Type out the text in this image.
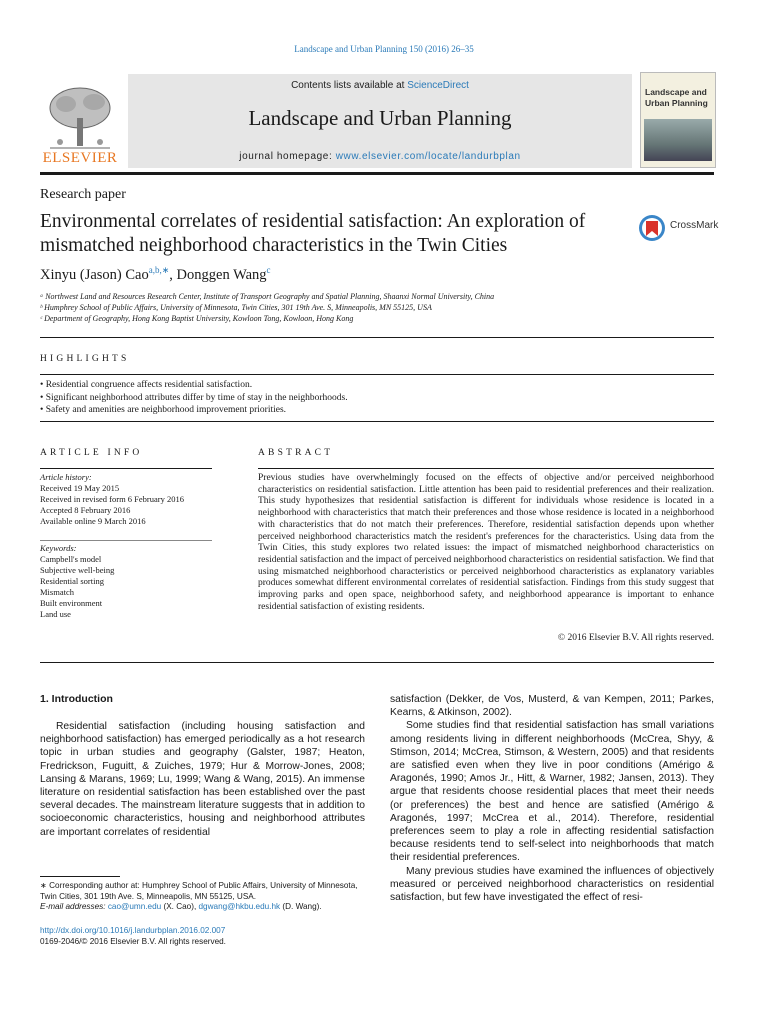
Landscape and Urban Planning 150 (2016) 26–35
ELSEVIER
Contents lists available at ScienceDirect
Landscape and Urban Planning
journal homepage: www.elsevier.com/locate/landurbplan
Landscape and Urban Planning
Research paper
Environmental correlates of residential satisfaction: An exploration of mismatched neighborhood characteristics in the Twin Cities
CrossMark
Xinyu (Jason) Cao$^{a,b,∗}$, Donggen Wang$^c$
ᵃ Northwest Land and Resources Research Center, Institute of Transport Geography and Spatial Planning, Shaanxi Normal University, China
ᵇ Humphrey School of Public Affairs, University of Minnesota, Twin Cities, 301 19th Ave. S, Minneapolis, MN 55125, USA
ᶜ Department of Geography, Hong Kong Baptist University, Kowloon Tong, Kowloon, Hong Kong
HIGHLIGHTS
• Residential congruence affects residential satisfaction.
• Significant neighborhood attributes differ by time of stay in the neighborhoods.
• Safety and amenities are neighborhood improvement priorities.
ARTICLE INFO	ABSTRACT
Article history:
Received 19 May 2015
Received in revised form 6 February 2016
Accepted 8 February 2016
Available online 9 March 2016
Keywords:
Campbell's model
Subjective well-being
Residential sorting
Mismatch
Built environment
Land use
Previous studies have overwhelmingly focused on the effects of objective and/or perceived neighborhood characteristics on residential satisfaction. Little attention has been paid to residential preferences and their realization. This study hypothesizes that residential satisfaction is different for individuals whose residence is located in a neighborhood with characteristics that match their preferences and those whose residence is located in a neighborhood with characteristics that do not match their preferences. Therefore, residential satisfaction depends upon whether perceived neighborhood characteristics match the resident's preferences for the characteristics. Using data from the Twin Cities, this study explores two related issues: the impact of mismatched neighborhood characteristics on residential satisfaction and the impact of perceived neighborhood characteristics on residential satisfaction. We find that using mismatched neighborhood characteristics or perceived neighborhood characteristics as explanatory variables produces somewhat different environmental correlates of residential satisfaction. Findings from this study suggest that improving parks and open space, neighborhood safety, and neighborhood appearance is important to enhance residential satisfaction of existing residents.
© 2016 Elsevier B.V. All rights reserved.
1. Introduction

Residential satisfaction (including housing satisfaction and neighborhood satisfaction) has emerged periodically as a hot research topic in urban studies and geography (Galster, 1987; Heaton, Fredrickson, Fuguitt, & Zuiches, 1979; Hur & Morrow-Jones, 2008; Lansing & Marans, 1969; Lu, 1999; Wang & Wang, 2015). An immense literature on residential satisfaction has been established over the past several decades. The mainstream literature suggests that in addition to socioeconomic characteristics, housing and neighborhood attributes are important correlates of residential

satisfaction (Dekker, de Vos, Musterd, & van Kempen, 2011; Parkes, Kearns, & Atkinson, 2002).

Some studies find that residential satisfaction has small variations among residents living in different neighborhoods (McCrea, Shyy, & Stimson, 2014; McCrea, Stimson, & Western, 2005) and that residents are satisfied even when they live in poor conditions (Amérigo & Aragonés, 1990; Amos Jr., Hitt, & Warner, 1982; Jansen, 2013). They argue that residents choose residential places that meet their needs (or preferences) the best and hence are satisfied (Amérigo & Aragonés, 1997; McCrea et al., 2014). Therefore, residential preferences seem to play a role in affecting residential satisfaction because residents tend to self-select into neighborhoods that match their residential preferences.

Many previous studies have examined the influences of objectively measured or perceived neighborhood characteristics on residential satisfaction, but few have investigated the effect of resi-

∗ Corresponding author at: Humphrey School of Public Affairs, University of Minnesota, Twin Cities, 301 19th Ave. S, Minneapolis, MN 55125, USA.
E-mail addresses: cao@umn.edu (X. Cao), dgwang@hkbu.edu.hk (D. Wang).
http://dx.doi.org/10.1016/j.landurbplan.2016.02.007
0169-2046/© 2016 Elsevier B.V. All rights reserved.
